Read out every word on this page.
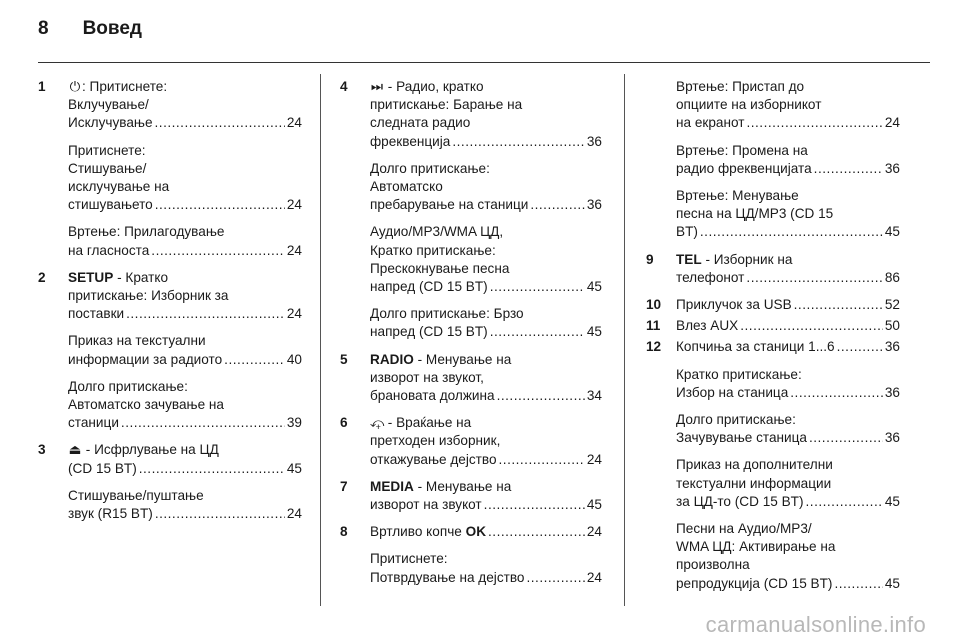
8 Вовед
1	⏻ : Притиснете:
Вклучување/
Исклучување .....	24
Притиснете:
Стишување/
исклучување на
стишувањето .....	24
Вртење: Прилагодување
на гласноста .....	24
2	SETUP - Кратко
притискање: Изборник за
поставки .....	24
Приказ на текстуални
информации за радиото .....	40
Долго притискање:
Автоматско зачување на
станици .....	39
3	⏏ - Исфрлување на ЦД
(CD 15 BT) .....	45
Стишување/пуштање
звук (R15 BT) .....	24
4	⏭ - Радио, кратко
притискање: Барање на
следната радио
фреквенција .....	36
Долго притискање:
Автоматско
пребарување на станици .....	36
Аудио/MP3/WMA ЦД,
Кратко притискање:
Прескокнување песна
напред (CD 15 BT) .....	45
Долго притискање: Брзо
напред (CD 15 BT) .....	45
5	RADIO - Менување на
изворот на звукот,
брановата должина .....	34
6	⤽ - Враќање на
претходен изборник,
откажување дејство .....	24
7	MEDIA - Менување на
изворот на звукот .....	45
8	Вртливо копче OK .....	24
Притиснете:
Потврдување на дејство .....	24
Вртење: Пристап до
опциите на изборникот
на екранот .....	24
Вртење: Промена на
радио фреквенцијата .....	36
Вртење: Менување
песна на ЦД/MP3 (CD 15
BT) .....	45
9	TEL - Изборник на
телефонот .....	86
10	Приклучок за USB .....	52
11	Влез AUX .....	50
12	Копчиња за станици 1...6 .....	36
Кратко притискање:
Избор на станица .....	36
Долго притискање:
Зачувување станица .....	36
Приказ на дополнителни
текстуални информации
за ЦД-то (CD 15 BT) .....	45
Песни на Аудио/MP3/
WMA ЦД: Активирање на
произволна
репродукција (CD 15 BT) .....	45
carmanualsonline.info
